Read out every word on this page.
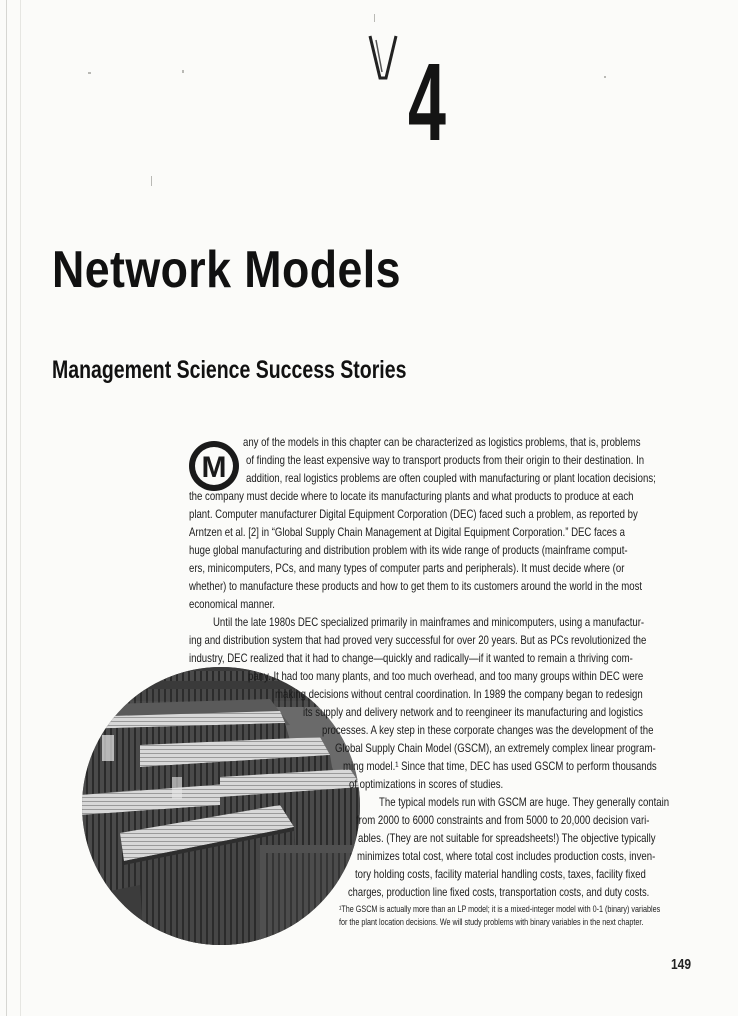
4
Network Models
Management Science Success Stories
M
any of the models in this chapter can be characterized as logistics problems, that is, problems
of finding the least expensive way to transport products from their origin to their destination. In
addition, real logistics problems are often coupled with manufacturing or plant location decisions;
the company must decide where to locate its manufacturing plants and what products to produce at each
plant. Computer manufacturer Digital Equipment Corporation (DEC) faced such a problem, as reported by
Arntzen et al. [2] in “Global Supply Chain Management at Digital Equipment Corporation.” DEC faces a
huge global manufacturing and distribution problem with its wide range of products (mainframe comput-
ers, minicomputers, PCs, and many types of computer parts and peripherals). It must decide where (or
whether) to manufacture these products and how to get them to its customers around the world in the most
economical manner.
Until the late 1980s DEC specialized primarily in mainframes and minicomputers, using a manufactur-
ing and distribution system that had proved very successful for over 20 years. But as PCs revolutionized the
industry, DEC realized that it had to change—quickly and radically—if it wanted to remain a thriving com-
pany. It had too many plants, and too much overhead, and too many groups within DEC were
making decisions without central coordination. In 1989 the company began to redesign
its supply and delivery network and to reengineer its manufacturing and logistics
processes. A key step in these corporate changes was the development of the
Global Supply Chain Model (GSCM), an extremely complex linear program-
ming model.¹ Since that time, DEC has used GSCM to perform thousands
of optimizations in scores of studies.
The typical models run with GSCM are huge. They generally contain
from 2000 to 6000 constraints and from 5000 to 20,000 decision vari-
ables. (They are not suitable for spreadsheets!) The objective typically
minimizes total cost, where total cost includes production costs, inven-
tory holding costs, facility material handling costs, taxes, facility fixed
charges, production line fixed costs, transportation costs, and duty costs.
¹The GSCM is actually more than an LP model; it is a mixed-integer model with 0-1 (binary) variables
for the plant location decisions. We will study problems with binary variables in the next chapter.
149
